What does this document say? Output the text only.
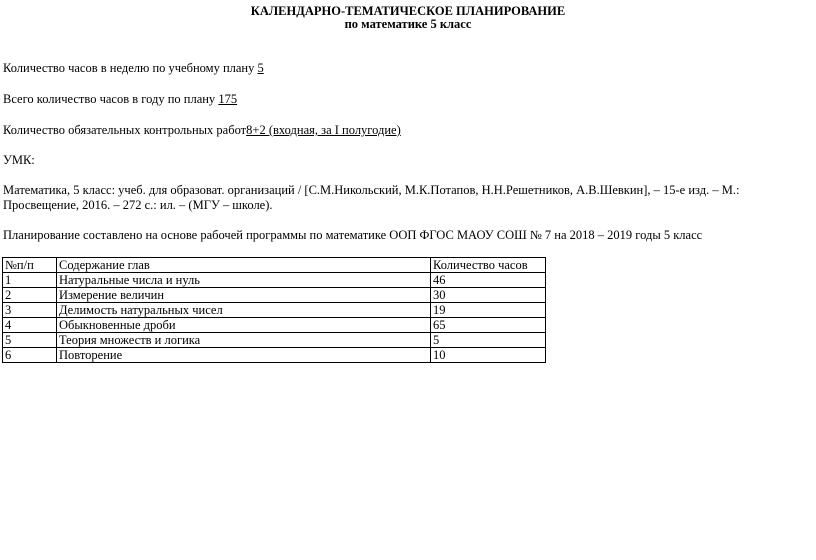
КАЛЕНДАРНО-ТЕМАТИЧЕСКОЕ ПЛАНИРОВАНИЕ
по математике 5 класс
Количество часов в неделю по учебному плану 5
Всего количество часов в году по плану 175
Количество обязательных контрольных работ8+2 (входная, за I полугодие)
УМК:
Математика, 5 класс: учеб. для образоват. организаций / [С.М.Никольский, М.К.Потапов, Н.Н.Решетников, А.В.Шевкин], – 15-е изд. – М.:
Просвещение, 2016. – 272 с.: ил. – (МГУ – школе).
Планирование составлено на основе рабочей программы по математике ООП ФГОС МАОУ СОШ № 7 на 2018 – 2019 годы 5 класс
№п/п	Содержание глав	Количество часов
1	Натуральные числа и нуль	46
2	Измерение величин	30
3	Делимость натуральных чисел	19
4	Обыкновенные дроби	65
5	Теория множеств и логика	5
6	Повторение	10
